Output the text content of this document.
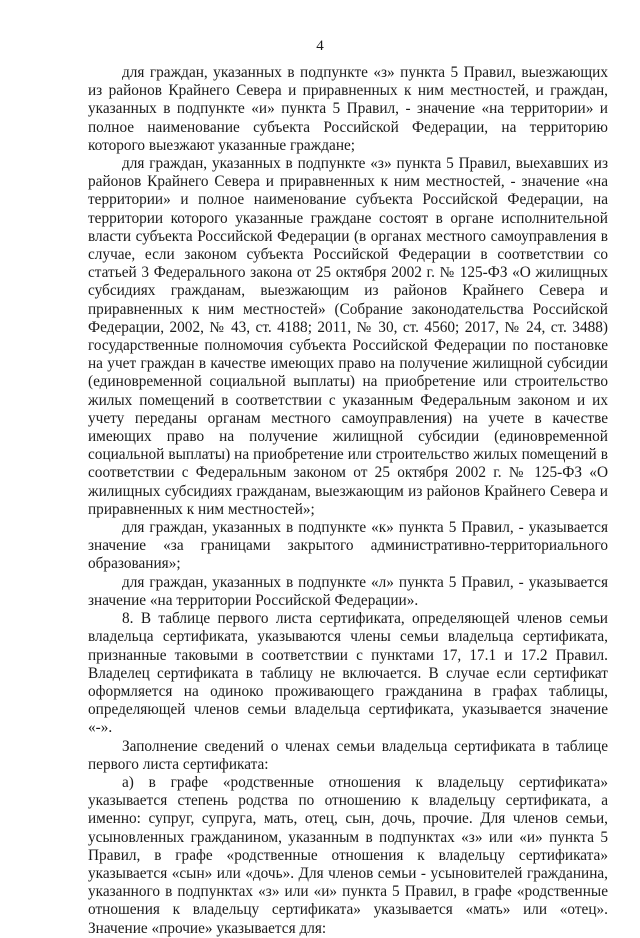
4

для граждан, указанных в подпункте «з» пункта 5 Правил, выезжающих из районов Крайнего Севера и приравненных к ним местностей, и граждан, указанных в подпункте «и» пункта 5 Правил, - значение «на территории» и полное наименование субъекта Российской Федерации, на территорию которого выезжают указанные граждане;

для граждан, указанных в подпункте «з» пункта 5 Правил, выехавших из районов Крайнего Севера и приравненных к ним местностей, - значение «на территории» и полное наименование субъекта Российской Федерации, на территории которого указанные граждане состоят в органе исполнительной власти субъекта Российской Федерации (в органах местного самоуправления в случае, если законом субъекта Российской Федерации в соответствии со статьей 3 Федерального закона от 25 октября 2002 г. № 125-ФЗ «О жилищных субсидиях гражданам, выезжающим из районов Крайнего Севера и приравненных к ним местностей» (Собрание законодательства Российской Федерации, 2002, № 43, ст. 4188; 2011, № 30, ст. 4560; 2017, № 24, ст. 3488) государственные полномочия субъекта Российской Федерации по постановке на учет граждан в качестве имеющих право на получение жилищной субсидии (единовременной социальной выплаты) на приобретение или строительство жилых помещений в соответствии с указанным Федеральным законом и их учету переданы органам местного самоуправления) на учете в качестве имеющих право на получение жилищной субсидии (единовременной социальной выплаты) на приобретение или строительство жилых помещений в соответствии с Федеральным законом от 25 октября 2002 г. № 125-ФЗ «О жилищных субсидиях гражданам, выезжающим из районов Крайнего Севера и приравненных к ним местностей»;

для граждан, указанных в подпункте «к» пункта 5 Правил, - указывается значение «за границами закрытого административно-территориального образования»;

для граждан, указанных в подпункте «л» пункта 5 Правил, - указывается значение «на территории Российской Федерации».

8. В таблице первого листа сертификата, определяющей членов семьи владельца сертификата, указываются члены семьи владельца сертификата, признанные таковыми в соответствии с пунктами 17, 17.1 и 17.2 Правил. Владелец сертификата в таблицу не включается. В случае если сертификат оформляется на одиноко проживающего гражданина в графах таблицы, определяющей членов семьи владельца сертификата, указывается значение «-».

Заполнение сведений о членах семьи владельца сертификата в таблице первого листа сертификата:

а) в графе «родственные отношения к владельцу сертификата» указывается степень родства по отношению к владельцу сертификата, а именно: супруг, супруга, мать, отец, сын, дочь, прочие. Для членов семьи, усыновленных гражданином, указанным в подпунктах «з» или «и» пункта 5 Правил, в графе «родственные отношения к владельцу сертификата» указывается «сын» или «дочь». Для членов семьи - усыновителей гражданина, указанного в подпунктах «з» или «и» пункта 5 Правил, в графе «родственные отношения к владельцу сертификата» указывается «мать» или «отец». Значение «прочие» указывается для:
